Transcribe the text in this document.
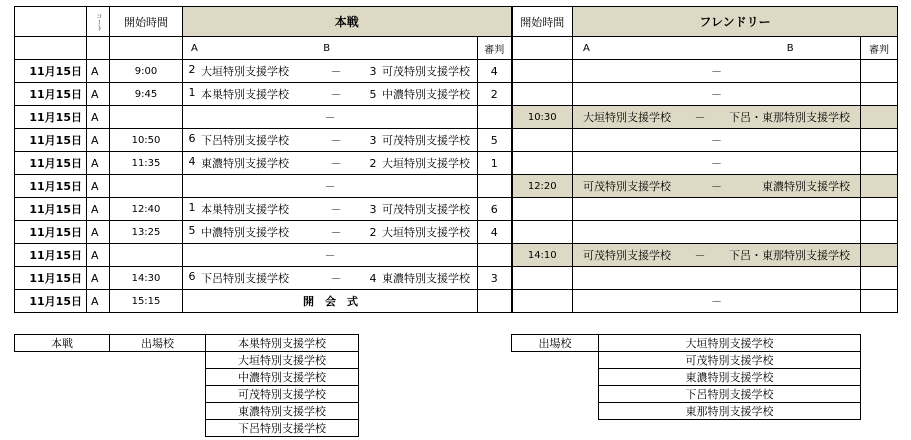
	コート	開始時間	本戦		開始時間	フレンドリー	

			A B	審判		A B	審判
11月15日	A	9:00	2 大垣特別支援学校 － 3 可茂特別支援学校	4		－	
11月15日	A	9:45	1 本巣特別支援学校 － 5 中濃特別支援学校	2		－	
11月15日	A		－		10:30	大垣特別支援学校 － 下呂・東那特別支援学校	

11月15日	A	10:50	6 下呂特別支援学校 － 3 可茂特別支援学校	5		－	
11月15日	A	11:35	4 東濃特別支援学校 － 2 大垣特別支援学校	1		－	
11月15日	A		－		12:20	可茂特別支援学校 － 東濃特別支援学校	

11月15日	A	12:40	1 本巣特別支援学校 － 3 可茂特別支援学校	6			
11月15日	A	13:25	5 中濃特別支援学校 － 2 大垣特別支援学校	4			
11月15日	A		－		14:10	可茂特別支援学校 － 下呂・東那特別支援学校	

11月15日	A	14:30	6 下呂特別支援学校 － 4 東濃特別支援学校	3			
11月15日	A	15:15	開　会　式			－	
本戦	出場校	本巣特別支援学校
		大垣特別支援学校
		中濃特別支援学校
		可茂特別支援学校
		東濃特別支援学校
		下呂特別支援学校
出場校	大垣特別支援学校
	可茂特別支援学校
	東濃特別支援学校
	下呂特別支援学校
	東那特別支援学校
